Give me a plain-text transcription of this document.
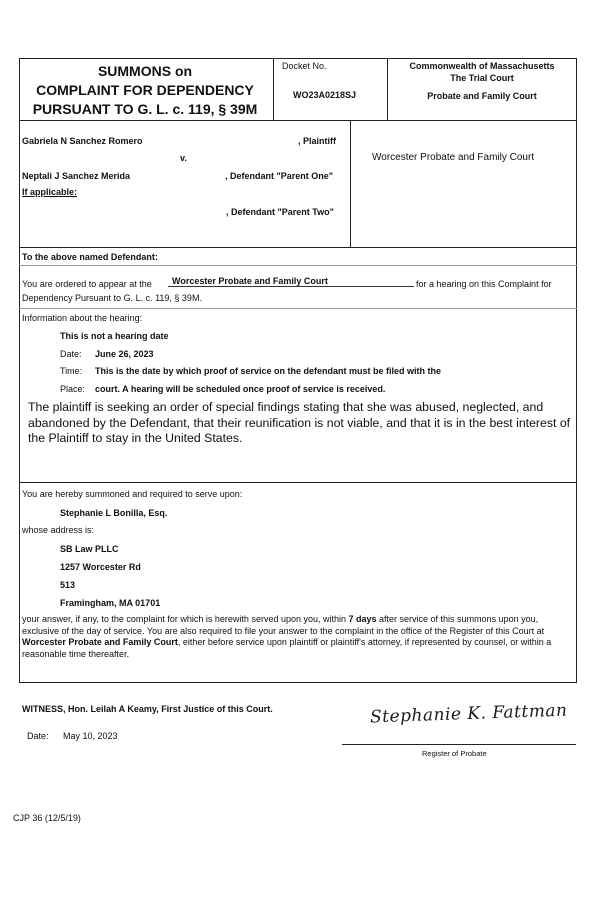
SUMMONS on
COMPLAINT FOR DEPENDENCY
PURSUANT TO G. L. c. 119, § 39M
Docket No.
WO23A0218SJ
Commonwealth of Massachusetts
The Trial Court
Probate and Family Court
Gabriela N Sanchez Romero	, Plaintiff
v.
Neptali J Sanchez Merida	, Defendant "Parent One"
If applicable:
, Defendant "Parent Two"
Worcester Probate and Family Court
To the above named Defendant:
You are ordered to appear at the	Worcester Probate and Family Court	for a hearing on this Complaint for
Dependency Pursuant to G. L. c. 119, § 39M.
Information about the hearing:
This is not a hearing date
Date: June 26, 2023
Time: This is the date by which proof of service on the defendant must be filed with the
Place: court. A hearing will be scheduled once proof of service is received.
The plaintiff is seeking an order of special findings stating that she was abused, neglected, and abandoned by the Defendant, that their reunification is not viable, and that it is in the best interest of the Plaintiff to stay in the United States.
You are hereby summoned and required to serve upon:
Stephanie L Bonilla, Esq.
whose address is:
SB Law PLLC
1257 Worcester Rd
513
Framingham, MA 01701
your answer, if any, to the complaint for which is herewith served upon you, within 7 days after service of this summons upon you, exclusive of the day of service. You are also required to file your answer to the complaint in the office of the Register of this Court at Worcester Probate and Family Court, either before service upon plaintiff or plaintiff's attorney, if represented by counsel, or within a reasonable time thereafter.
WITNESS, Hon. Leilah A Keamy, First Justice of this Court.
Date: May 10, 2023
Stephanie K. Fattman
Register of Probate
CJP 36 (12/5/19)
